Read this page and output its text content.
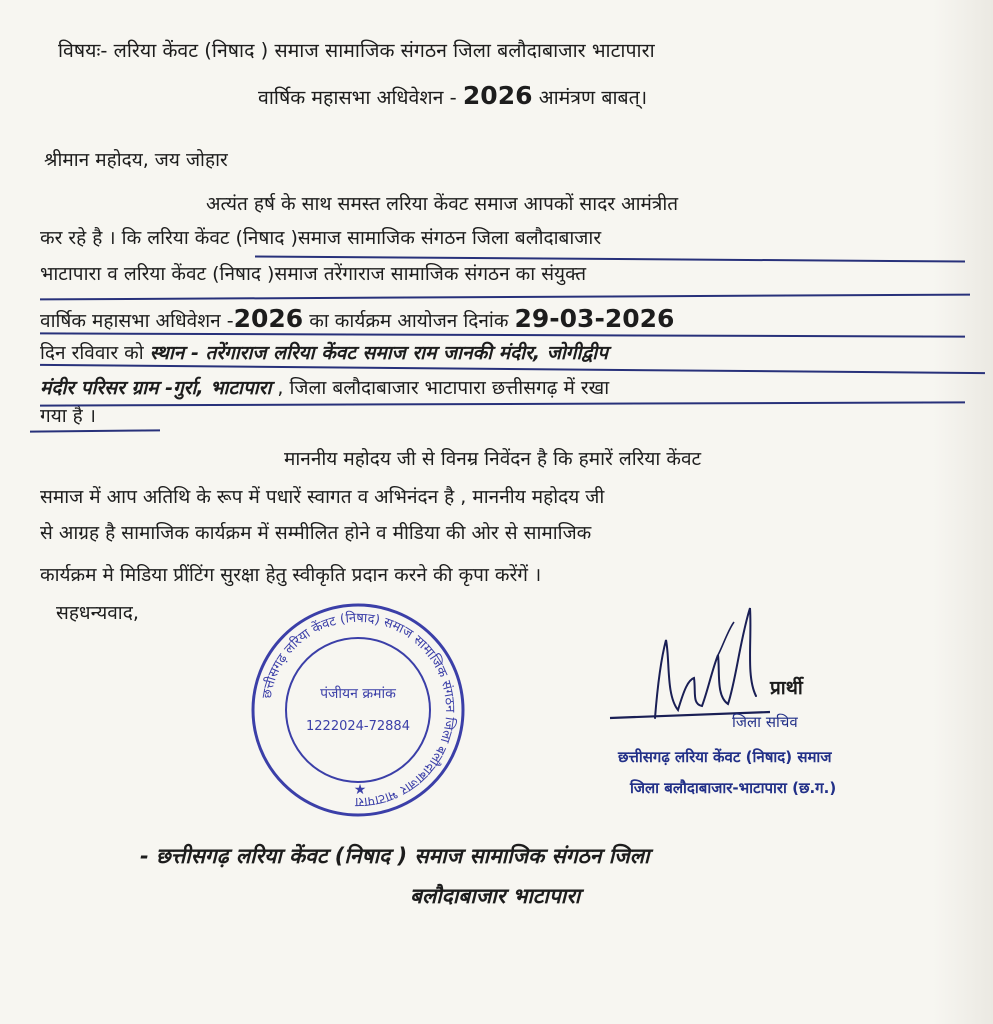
विषयः- लरिया केंवट (निषाद ) समाज सामाजिक संगठन जिला बलौदाबाजार भाटापारा
वार्षिक महासभा अधिवेशन - 2026 आमंत्रण बाबत्।
श्रीमान महोदय, जय जोहार
अत्यंत हर्ष के साथ समस्त लरिया केंवट समाज आपकों सादर आमंत्रीत
कर रहे है । कि लरिया केंवट (निषाद )समाज सामाजिक संगठन जिला बलौदाबाजार
भाटापारा व लरिया केंवट (निषाद )समाज तरेंगाराज सामाजिक संगठन का संयुक्त
वार्षिक महासभा अधिवेशन -2026 का कार्यक्रम आयोजन दिनांक 29-03-2026
दिन रविवार को स्थान - तरेंगाराज लरिया केंवट समाज राम जानकी मंदीर, जोगीद्वीप
मंदीर परिसर ग्राम -गुर्रा, भाटापारा , जिला बलौदाबाजार भाटापारा छत्तीसगढ़ में रखा
गया है ।
माननीय महोदय जी से विनम्र निवेंदन है कि हमारें लरिया केंवट
समाज में आप अतिथि के रूप में पधारें स्वागत व अभिनंदन है , माननीय महोदय जी
से आग्रह है सामाजिक कार्यक्रम में सम्मीलित होने व मीडिया की ओर से सामाजिक
कार्यक्रम मे मिडिया प्रींटिंग सुरक्षा हेतु स्वीकृति प्रदान करने की कृपा करेंगें ।
सहधन्यवाद,
छत्तीसगढ़ लरिया केंवट (निषाद) समाज सामाजिक संगठन जिला बलौदाबाजार भाटापारा
पंजीयन क्रमांक
1222024-72884
★
प्रार्थी
जिला सचिव
छत्तीसगढ़ लरिया केंवट (निषाद) समाज
जिला बलौदाबाजार-भाटापारा (छ.ग.)
- छत्तीसगढ़ लरिया केंवट (निषाद ) समाज सामाजिक संगठन जिला
बलौदाबाजार भाटापारा
